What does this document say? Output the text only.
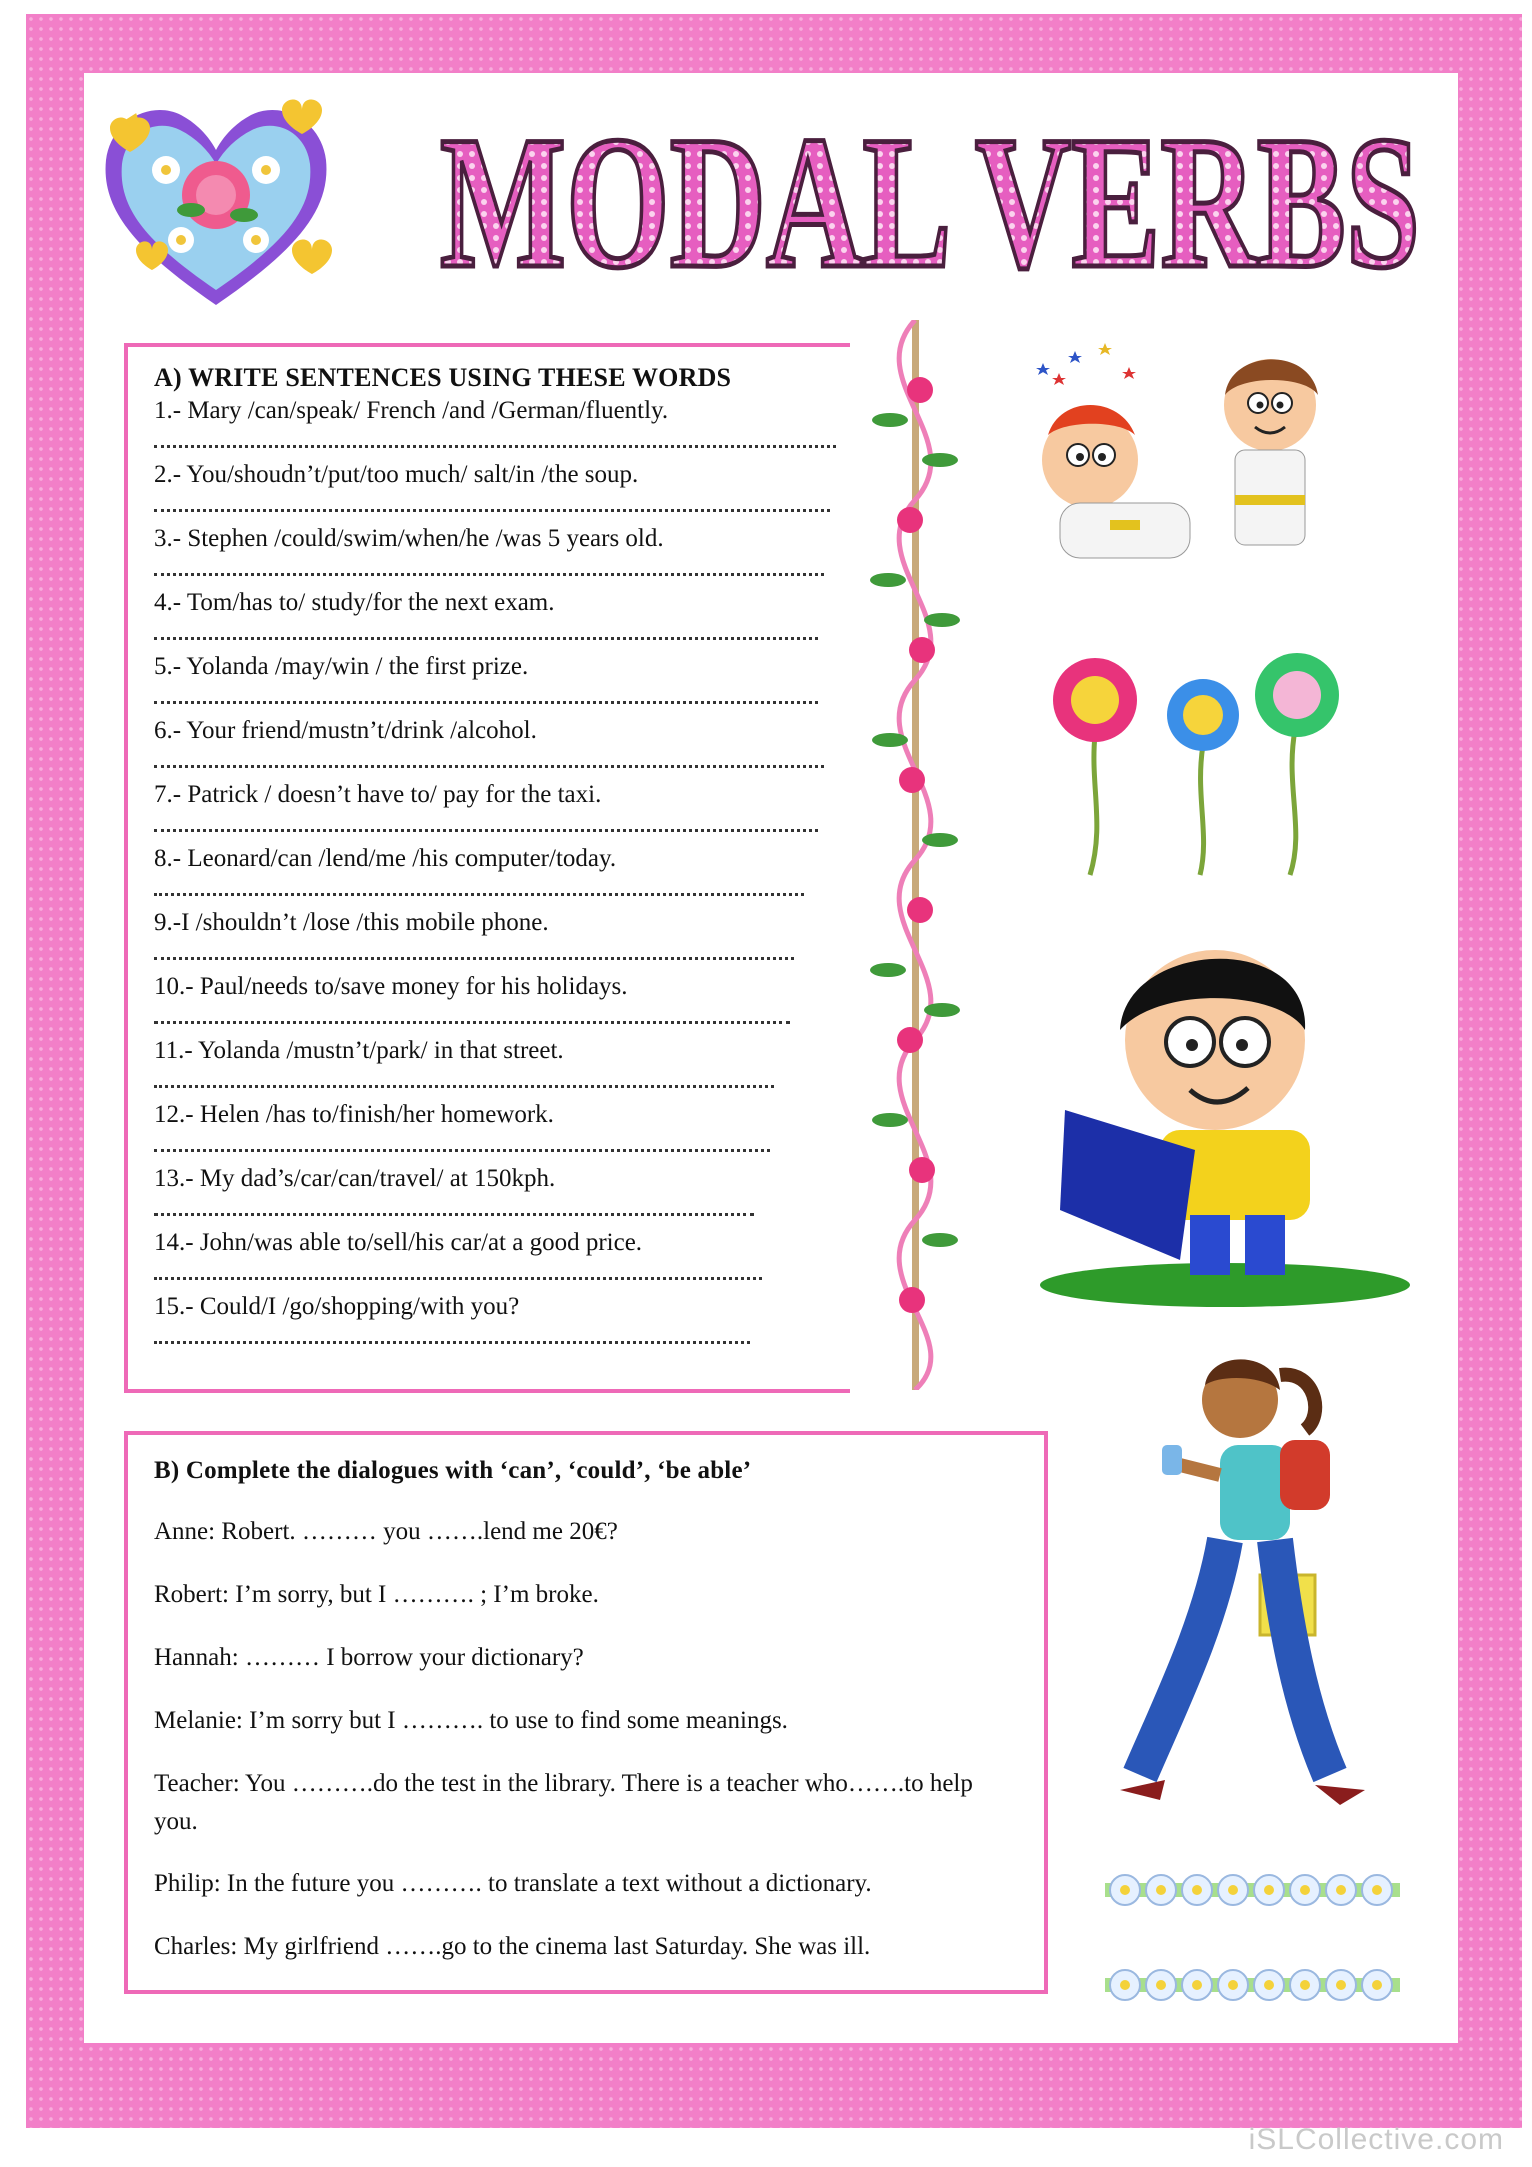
MODAL VERBS
A) WRITE SENTENCES USING THESE WORDS
1.- Mary /can/speak/ French /and /German/fluently.
2.- You/shoudn’t/put/too much/ salt/in /the soup.
3.- Stephen /could/swim/when/he /was 5 years old.
4.- Tom/has to/ study/for the next exam.
5.- Yolanda /may/win / the first prize.
6.- Your friend/mustn’t/drink /alcohol.
7.- Patrick / doesn’t have to/ pay for the taxi.
8.- Leonard/can /lend/me /his computer/today.
9.-I /shouldn’t /lose /this mobile phone.
10.- Paul/needs to/save money for his holidays.
11.- Yolanda /mustn’t/park/ in that street.
12.- Helen /has to/finish/her homework.
13.- My dad’s/car/can/travel/ at 150kph.
14.- John/was able to/sell/his car/at a good price.
15.- Could/I /go/shopping/with you?
B) Complete the dialogues with ‘can’, ‘could’, ‘be able’
Anne: Robert. ……… you …….lend me 20€?
Robert: I’m sorry, but I ………. ; I’m broke.
Hannah: ……… I borrow your dictionary?
Melanie: I’m sorry but I ………. to use to find some meanings.
Teacher: You ……….do the test in the library. There is a teacher who…….to help you.
Philip: In the future you ………. to translate a text without a dictionary.
Charles: My girlfriend …….go to the cinema last Saturday. She was ill.
iSLCollective.com
